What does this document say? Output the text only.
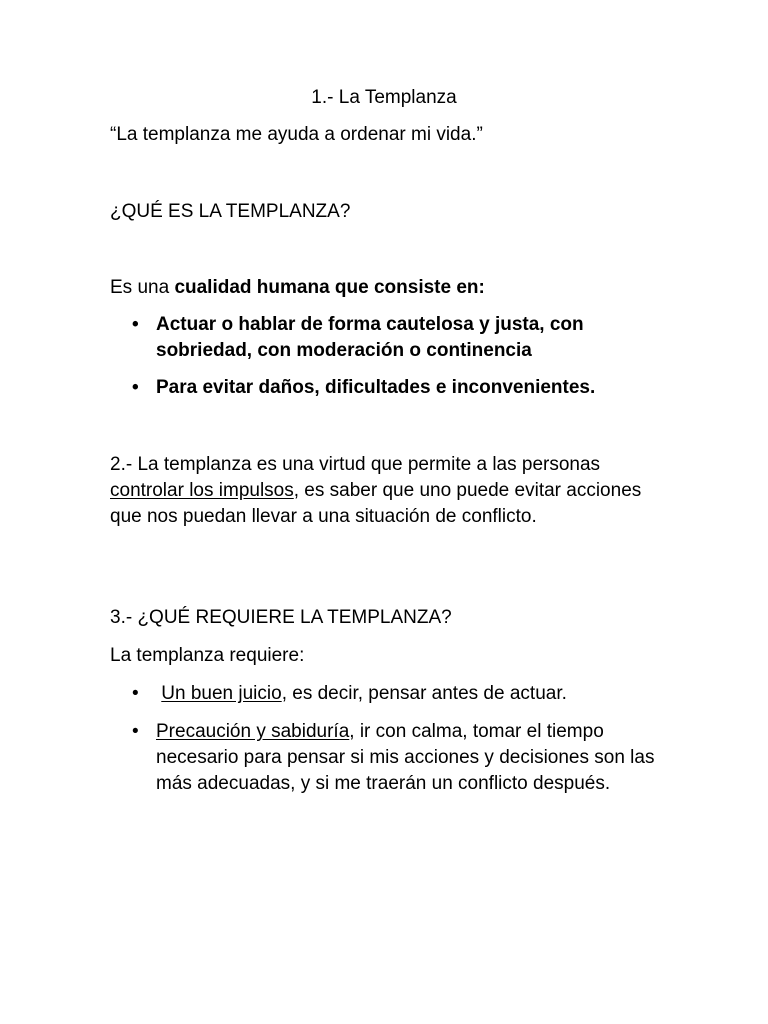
1.- La Templanza
“La templanza me ayuda a ordenar mi vida.”
¿QUÉ ES LA TEMPLANZA?
Es una cualidad humana que consiste en:
• Actuar o hablar de forma cautelosa y justa, con sobriedad, con moderación o continencia
• Para evitar daños, dificultades e inconvenientes.
2.- La templanza es una virtud que permite a las personas
controlar los impulsos, es saber que uno puede evitar acciones que nos puedan llevar a una situación de conflicto.
3.- ¿QUÉ REQUIERE LA TEMPLANZA?
La templanza requiere:
• Un buen juicio, es decir, pensar antes de actuar.
• Precaución y sabiduría, ir con calma, tomar el tiempo necesario para pensar si mis acciones y decisiones son las más adecuadas, y si me traerán un conflicto después.
